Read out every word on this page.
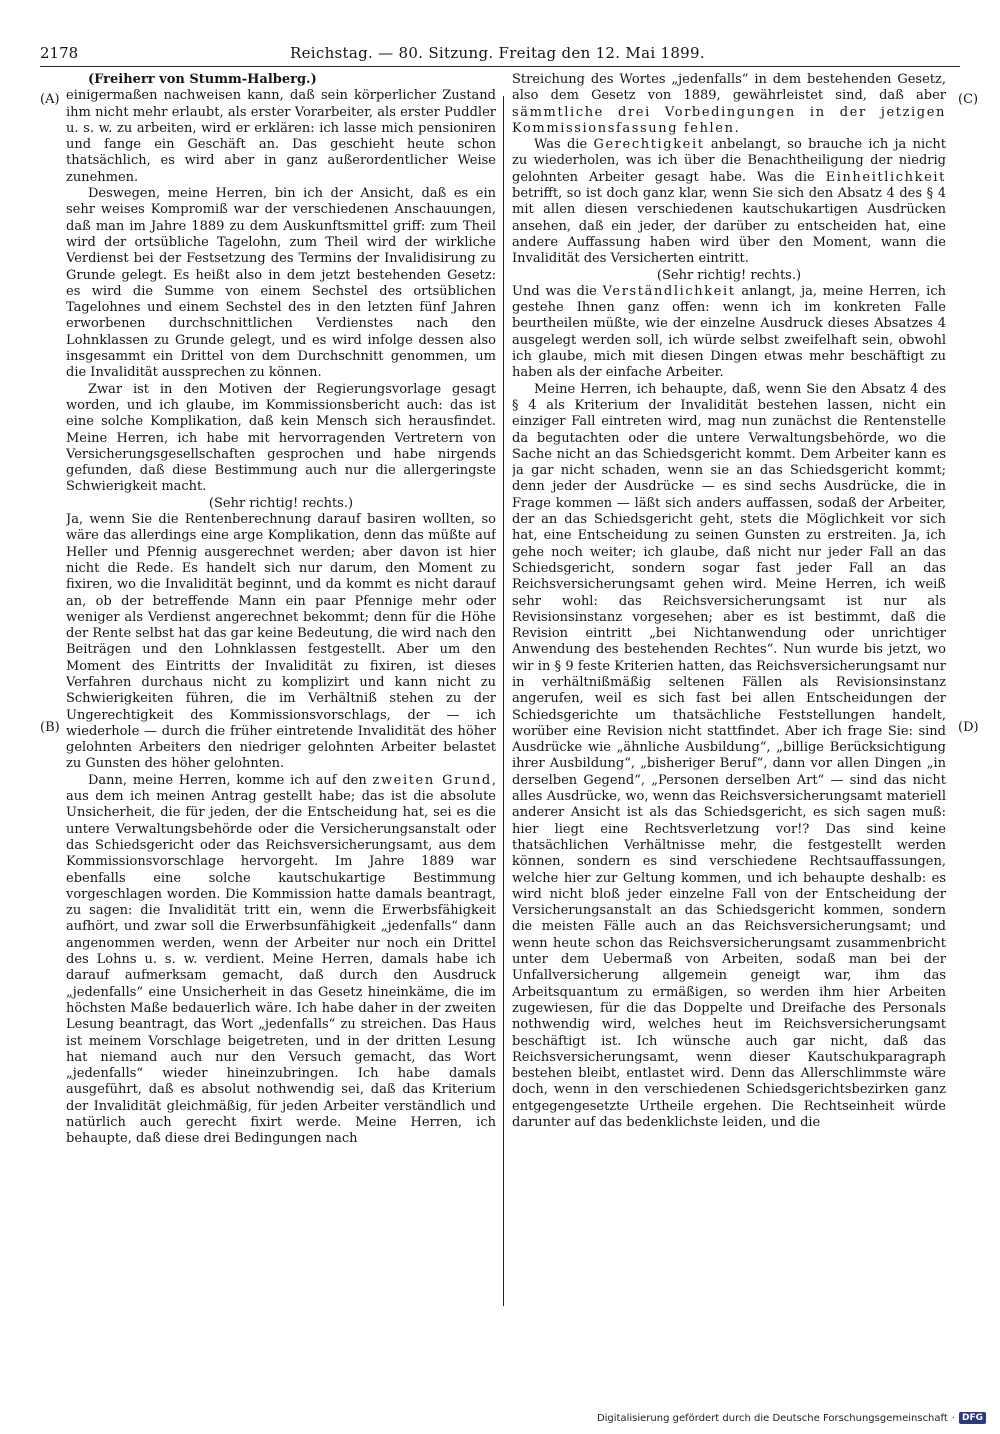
2178	Reichstag. — 80. Sitzung. Freitag den 12. Mai 1899.
(A)
(B)
(C)
(D)

(Freiherr von Stumm-Halberg.)

einigermaßen nachweisen kann, daß sein körperlicher Zustand ihm nicht mehr erlaubt, als erster Vorarbeiter, als erster Puddler u. s. w. zu arbeiten, wird er erklären: ich lasse mich pensioniren und fange ein Geschäft an. Das geschieht heute schon thatsächlich, es wird aber in ganz außerordentlicher Weise zunehmen.

Deswegen, meine Herren, bin ich der Ansicht, daß es ein sehr weises Kompromiß war der verschiedenen Anschauungen, daß man im Jahre 1889 zu dem Auskunftsmittel griff: zum Theil wird der ortsübliche Tagelohn, zum Theil wird der wirkliche Verdienst bei der Festsetzung des Termins der Invalidisirung zu Grunde gelegt. Es heißt also in dem jetzt bestehenden Gesetz: es wird die Summe von einem Sechstel des ortsüblichen Tagelohnes und einem Sechstel des in den letzten fünf Jahren erworbenen durchschnittlichen Verdienstes nach den Lohnklassen zu Grunde gelegt, und es wird infolge dessen also insgesammt ein Drittel von dem Durchschnitt genommen, um die Invalidität aussprechen zu können.

Zwar ist in den Motiven der Regierungsvorlage gesagt worden, und ich glaube, im Kommissionsbericht auch: das ist eine solche Komplikation, daß kein Mensch sich herausfindet. Meine Herren, ich habe mit hervorragenden Vertretern von Versicherungsgesellschaften gesprochen und habe nirgends gefunden, daß diese Bestimmung auch nur die allergeringste Schwierigkeit macht.

(Sehr richtig! rechts.)

Ja, wenn Sie die Rentenberechnung darauf basiren wollten, so wäre das allerdings eine arge Komplikation, denn das müßte auf Heller und Pfennig ausgerechnet werden; aber davon ist hier nicht die Rede. Es handelt sich nur darum, den Moment zu fixiren, wo die Invalidität beginnt, und da kommt es nicht darauf an, ob der betreffende Mann ein paar Pfennige mehr oder weniger als Verdienst angerechnet bekommt; denn für die Höhe der Rente selbst hat das gar keine Bedeutung, die wird nach den Beiträgen und den Lohnklassen festgestellt. Aber um den Moment des Eintritts der Invalidität zu fixiren, ist dieses Verfahren durchaus nicht zu komplizirt und kann nicht zu Schwierigkeiten führen, die im Verhältniß stehen zu der Ungerechtigkeit des Kommissionsvorschlags, der — ich wiederhole — durch die früher eintretende Invalidität des höher gelohnten Arbeiters den niedriger gelohnten Arbeiter belastet zu Gunsten des höher gelohnten.

Dann, meine Herren, komme ich auf den zweiten Grund, aus dem ich meinen Antrag gestellt habe; das ist die absolute Unsicherheit, die für jeden, der die Entscheidung hat, sei es die untere Verwaltungsbehörde oder die Versicherungsanstalt oder das Schiedsgericht oder das Reichsversicherungsamt, aus dem Kommissionsvorschlage hervorgeht. Im Jahre 1889 war ebenfalls eine solche kautschukartige Bestimmung vorgeschlagen worden. Die Kommission hatte damals beantragt, zu sagen: die Invalidität tritt ein, wenn die Erwerbsfähigkeit aufhört, und zwar soll die Erwerbsunfähigkeit „jedenfalls“ dann angenommen werden, wenn der Arbeiter nur noch ein Drittel des Lohns u. s. w. verdient. Meine Herren, damals habe ich darauf aufmerksam gemacht, daß durch den Ausdruck „jedenfalls“ eine Unsicherheit in das Gesetz hineinkäme, die im höchsten Maße bedauerlich wäre. Ich habe daher in der zweiten Lesung beantragt, das Wort „jedenfalls“ zu streichen. Das Haus ist meinem Vorschlage beigetreten, und in der dritten Lesung hat niemand auch nur den Versuch gemacht, das Wort „jedenfalls“ wieder hineinzubringen. Ich habe damals ausgeführt, daß es absolut nothwendig sei, daß das Kriterium der Invalidität gleichmäßig, für jeden Arbeiter verständlich und natürlich auch gerecht fixirt werde. Meine Herren, ich behaupte, daß diese drei Bedingungen nach

Streichung des Wortes „jedenfalls“ in dem bestehenden Gesetz, also dem Gesetz von 1889, gewährleistet sind, daß aber sämmtliche drei Vorbedingungen in der jetzigen Kommissionsfassung fehlen.

Was die Gerechtigkeit anbelangt, so brauche ich ja nicht zu wiederholen, was ich über die Benachtheiligung der niedrig gelohnten Arbeiter gesagt habe. Was die Einheitlichkeit betrifft, so ist doch ganz klar, wenn Sie sich den Absatz 4 des § 4 mit allen diesen verschiedenen kautschukartigen Ausdrücken ansehen, daß ein jeder, der darüber zu entscheiden hat, eine andere Auffassung haben wird über den Moment, wann die Invalidität des Versicherten eintritt.

(Sehr richtig! rechts.)

Und was die Verständlichkeit anlangt, ja, meine Herren, ich gestehe Ihnen ganz offen: wenn ich im konkreten Falle beurtheilen müßte, wie der einzelne Ausdruck dieses Absatzes 4 ausgelegt werden soll, ich würde selbst zweifelhaft sein, obwohl ich glaube, mich mit diesen Dingen etwas mehr beschäftigt zu haben als der einfache Arbeiter.

Meine Herren, ich behaupte, daß, wenn Sie den Absatz 4 des § 4 als Kriterium der Invalidität bestehen lassen, nicht ein einziger Fall eintreten wird, mag nun zunächst die Rentenstelle da begutachten oder die untere Verwaltungsbehörde, wo die Sache nicht an das Schiedsgericht kommt. Dem Arbeiter kann es ja gar nicht schaden, wenn sie an das Schiedsgericht kommt; denn jeder der Ausdrücke — es sind sechs Ausdrücke, die in Frage kommen — läßt sich anders auffassen, sodaß der Arbeiter, der an das Schiedsgericht geht, stets die Möglichkeit vor sich hat, eine Entscheidung zu seinen Gunsten zu erstreiten. Ja, ich gehe noch weiter; ich glaube, daß nicht nur jeder Fall an das Schiedsgericht, sondern sogar fast jeder Fall an das Reichsversicherungsamt gehen wird. Meine Herren, ich weiß sehr wohl: das Reichsversicherungsamt ist nur als Revisionsinstanz vorgesehen; aber es ist bestimmt, daß die Revision eintritt „bei Nichtanwendung oder unrichtiger Anwendung des bestehenden Rechtes“. Nun wurde bis jetzt, wo wir in § 9 feste Kriterien hatten, das Reichsversicherungsamt nur in verhältnißmäßig seltenen Fällen als Revisionsinstanz angerufen, weil es sich fast bei allen Entscheidungen der Schiedsgerichte um thatsächliche Feststellungen handelt, worüber eine Revision nicht stattfindet. Aber ich frage Sie: sind Ausdrücke wie „ähnliche Ausbildung“, „billige Berücksichtigung ihrer Ausbildung“, „bisheriger Beruf“, dann vor allen Dingen „in derselben Gegend“, „Personen derselben Art“ — sind das nicht alles Ausdrücke, wo, wenn das Reichsversicherungsamt materiell anderer Ansicht ist als das Schiedsgericht, es sich sagen muß: hier liegt eine Rechtsverletzung vor!? Das sind keine thatsächlichen Verhältnisse mehr, die festgestellt werden können, sondern es sind verschiedene Rechtsauffassungen, welche hier zur Geltung kommen, und ich behaupte deshalb: es wird nicht bloß jeder einzelne Fall von der Entscheidung der Versicherungsanstalt an das Schiedsgericht kommen, sondern die meisten Fälle auch an das Reichsversicherungsamt; und wenn heute schon das Reichsversicherungsamt zusammenbricht unter dem Uebermaß von Arbeiten, sodaß man bei der Unfallversicherung allgemein geneigt war, ihm das Arbeitsquantum zu ermäßigen, so werden ihm hier Arbeiten zugewiesen, für die das Doppelte und Dreifache des Personals nothwendig wird, welches heut im Reichsversicherungsamt beschäftigt ist. Ich wünsche auch gar nicht, daß das Reichsversicherungsamt, wenn dieser Kautschukparagraph bestehen bleibt, entlastet wird. Denn das Allerschlimmste wäre doch, wenn in den verschiedenen Schiedsgerichtsbezirken ganz entgegengesetzte Urtheile ergehen. Die Rechtseinheit würde darunter auf das bedenklichste leiden, und die

Digitalisierung gefördert durch die Deutsche Forschungsgemeinschaft · DFG
